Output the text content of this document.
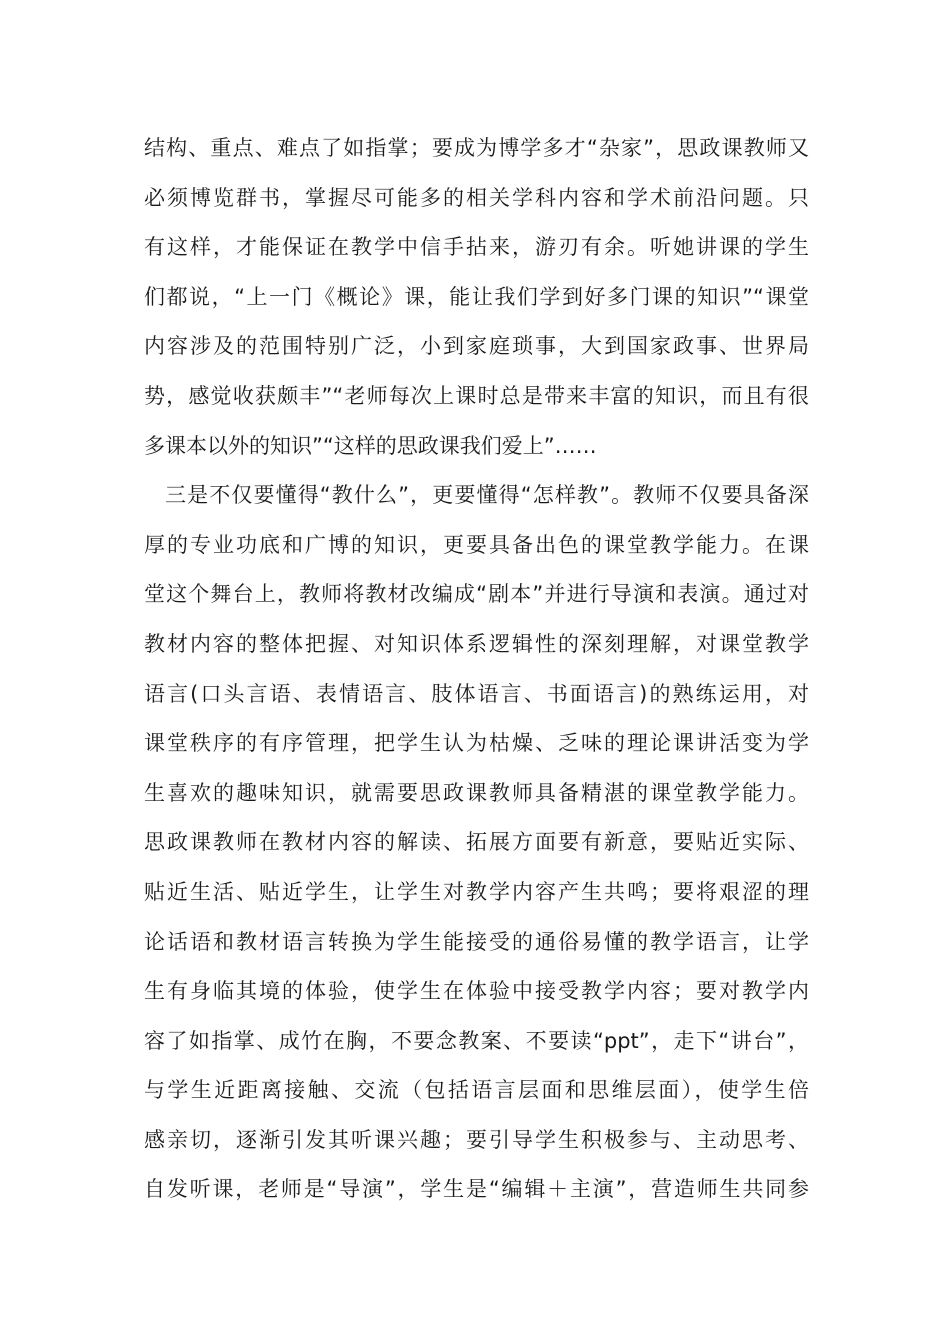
结构、重点、难点了如指掌；要成为博学多才“杂家”，思政课教师又
必须博览群书，掌握尽可能多的相关学科内容和学术前沿问题。只
有这样，才能保证在教学中信手拈来，游刃有余。听她讲课的学生
们都说，“上一门《概论》课，能让我们学到好多门课的知识”“课堂
内容涉及的范围特别广泛，小到家庭琐事，大到国家政事、世界局
势，感觉收获颇丰”“老师每次上课时总是带来丰富的知识，而且有很
多课本以外的知识”“这样的思政课我们爱上”……
三是不仅要懂得“教什么”，更要懂得“怎样教”。教师不仅要具备深
厚的专业功底和广博的知识，更要具备出色的课堂教学能力。在课
堂这个舞台上，教师将教材改编成“剧本”并进行导演和表演。通过对
教材内容的整体把握、对知识体系逻辑性的深刻理解，对课堂教学
语言(口头言语、表情语言、肢体语言、书面语言)的熟练运用，对
课堂秩序的有序管理，把学生认为枯燥、乏味的理论课讲活变为学
生喜欢的趣味知识，就需要思政课教师具备精湛的课堂教学能力。
思政课教师在教材内容的解读、拓展方面要有新意，要贴近实际、
贴近生活、贴近学生，让学生对教学内容产生共鸣；要将艰涩的理
论话语和教材语言转换为学生能接受的通俗易懂的教学语言，让学
生有身临其境的体验，使学生在体验中接受教学内容；要对教学内
容了如指掌、成竹在胸，不要念教案、不要读“ppt”，走下“讲台”，
与学生近距离接触、交流（包括语言层面和思维层面），使学生倍
感亲切，逐渐引发其听课兴趣；要引导学生积极参与、主动思考、
自发听课，老师是“导演”，学生是“编辑＋主演”，营造师生共同参
